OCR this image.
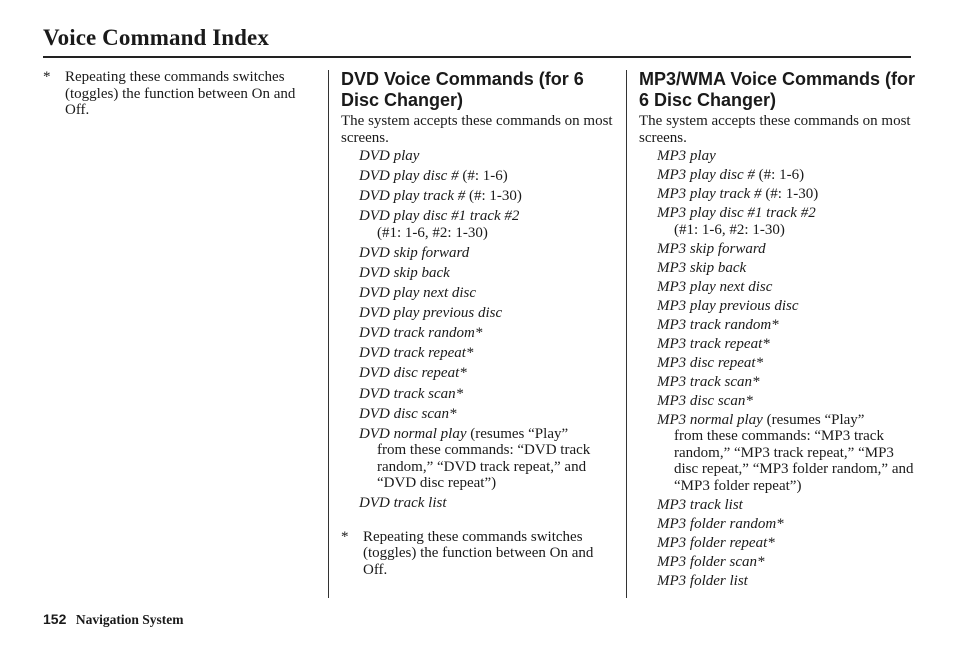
Voice Command Index
* Repeating these commands switches (toggles) the function between On and Off.
DVD Voice Commands (for 6 Disc Changer)
The system accepts these commands on most screens.
DVD play
DVD play disc # (#: 1-6)
DVD play track # (#: 1-30)
DVD play disc #1 track #2
(#1: 1-6, #2: 1-30)
DVD skip forward
DVD skip back
DVD play next disc
DVD play previous disc
DVD track random*
DVD track repeat*
DVD disc repeat*
DVD track scan*
DVD disc scan*
DVD normal play (resumes “Play”
from these commands: “DVD track random,” “DVD track repeat,” and “DVD disc repeat”)
DVD track list
* Repeating these commands switches (toggles) the function between On and Off.
MP3/WMA Voice Commands (for 6 Disc Changer)
The system accepts these commands on most screens.
MP3 play
MP3 play disc # (#: 1-6)
MP3 play track # (#: 1-30)
MP3 play disc #1 track #2
(#1: 1-6, #2: 1-30)
MP3 skip forward
MP3 skip back
MP3 play next disc
MP3 play previous disc
MP3 track random*
MP3 track repeat*
MP3 disc repeat*
MP3 track scan*
MP3 disc scan*
MP3 normal play (resumes “Play”
from these commands: “MP3 track random,” “MP3 track repeat,” “MP3 disc repeat,” “MP3 folder random,” and “MP3 folder repeat”)
MP3 track list
MP3 folder random*
MP3 folder repeat*
MP3 folder scan*
MP3 folder list
152 Navigation System
